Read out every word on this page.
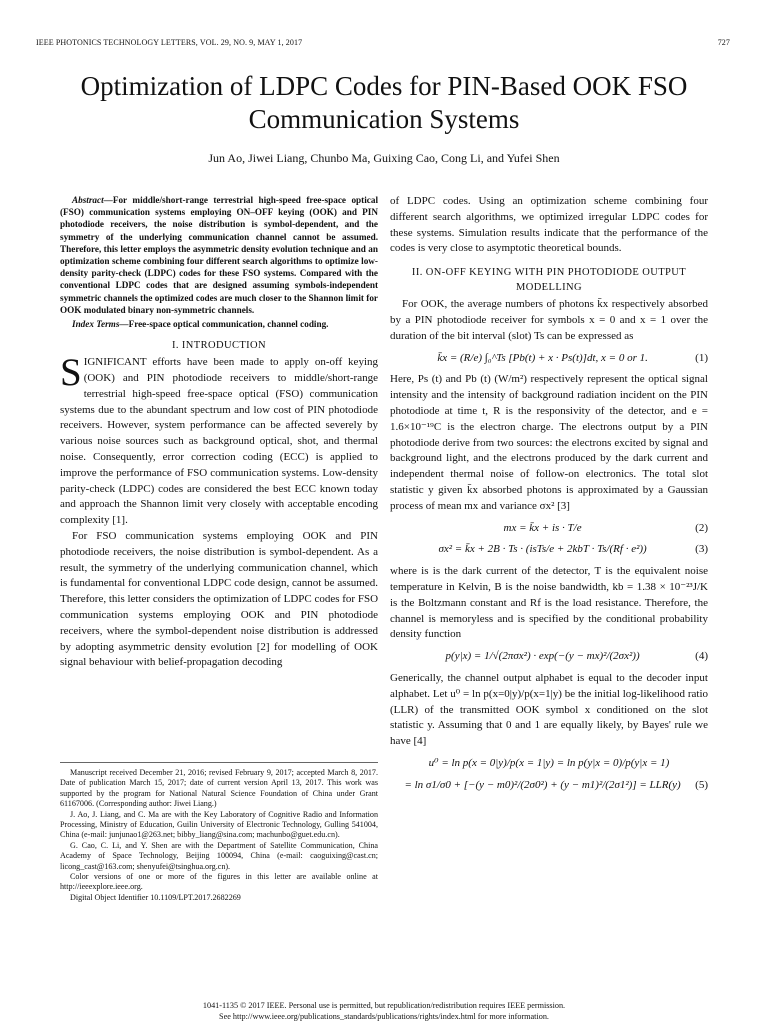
IEEE PHOTONICS TECHNOLOGY LETTERS, VOL. 29, NO. 9, MAY 1, 2017	727
Optimization of LDPC Codes for PIN-Based OOK FSO Communication Systems
Jun Ao, Jiwei Liang, Chunbo Ma, Guixing Cao, Cong Li, and Yufei Shen
Abstract—For middle/short-range terrestrial high-speed free-space optical (FSO) communication systems employing ON–OFF keying (OOK) and PIN photodiode receivers, the noise distribution is symbol-dependent, and the symmetry of the underlying communication channel cannot be assumed. Therefore, this letter employs the asymmetric density evolution technique and an optimization scheme combining four different search algorithms to optimize low-density parity-check (LDPC) codes for these FSO systems. Compared with the conventional LDPC codes that are designed assuming symbols-independent symmetric channels the optimized codes are much closer to the Shannon limit for OOK modulated binary non-symmetric channels.
Index Terms—Free-space optical communication, channel coding.
I. INTRODUCTION

SIGNIFICANT efforts have been made to apply on-off keying (OOK) and PIN photodiode receivers to middle/short-range terrestrial high-speed free-space optical (FSO) communication systems due to the abundant spectrum and low cost of PIN photodiode receivers. However, system performance can be affected severely by various noise sources such as background optical, shot, and thermal noise. Consequently, error correction coding (ECC) is applied to improve the performance of FSO communication systems. Low-density parity-check (LDPC) codes are considered the best ECC known today and approach the Shannon limit very closely with acceptable encoding complexity [1].

For FSO communication systems employing OOK and PIN photodiode receivers, the noise distribution is symbol-dependent. As a result, the symmetry of the underlying communication channel, which is fundamental for conventional LDPC code design, cannot be assumed. Therefore, this letter considers the optimization of LDPC codes for FSO communication systems employing OOK and PIN photodiode receivers, where the symbol-dependent noise distribution is addressed by adopting asymmetric density evolution [2] for modelling of OOK signal behaviour with belief-propagation decoding

Manuscript received December 21, 2016; revised February 9, 2017; accepted March 8, 2017. Date of publication March 15, 2017; date of current version April 13, 2017. This work was supported by the program for National Natural Science Foundation of China under Grant 61167006. (Corresponding author: Jiwei Liang.)

J. Ao, J. Liang, and C. Ma are with the Key Laboratory of Cognitive Radio and Information Processing, Ministry of Education, Guilin University of Electronic Technology, Gulling 541004, China (e-mail: junjunao1@263.net; bibby_liang@sina.com; machunbo@guet.edu.cn).

G. Cao, C. Li, and Y. Shen are with the Department of Satellite Communication, China Academy of Space Technology, Beijing 100094, China (e-mail: caoguixing@cast.cn; licong_cast@163.com; shenyufei@tsinghua.org.cn).

Color versions of one or more of the figures in this letter are available online at http://ieeexplore.ieee.org.

Digital Object Identifier 10.1109/LPT.2017.2682269

of LDPC codes. Using an optimization scheme combining four different search algorithms, we optimized irregular LDPC codes for these systems. Simulation results indicate that the performance of the codes is very close to asymptotic theoretical bounds.

II. ON-OFF KEYING WITH PIN PHOTODIODE OUTPUT MODELLING

For OOK, the average numbers of photons k̄x respectively absorbed by a PIN photodiode receiver for symbols x = 0 and x = 1 over the duration of the bit interval (slot) Ts can be expressed as

k̄x = (R/e) ∫₀^Ts [Pb(t) + x · Ps(t)]dt, x = 0 or 1.	(1)

Here, Ps (t) and Pb (t) (W/m²) respectively represent the optical signal intensity and the intensity of background radiation incident on the PIN photodiode at time t, R is the responsivity of the detector, and e = 1.6×10⁻¹⁹C is the electron charge. The electrons output by a PIN photodiode derive from two sources: the electrons excited by signal and background light, and the electrons produced by the dark current and independent thermal noise of follow-on electronics. The total slot statistic y given k̄x absorbed photons is approximated by a Gaussian process of mean mx and variance σx² [3]

mx = k̄x + is · T/e	(2)
σx² = k̄x + 2B · Ts · (isTs/e + 2kbT · Ts/(Rf · e²))	(3)

where is is the dark current of the detector, T is the equivalent noise temperature in Kelvin, B is the noise bandwidth, kb = 1.38 × 10⁻²³J/K is the Boltzmann constant and Rf is the load resistance. Therefore, the channel is memoryless and is specified by the conditional probability density function

p(y|x) = 1/√(2πσx²) · exp(−(y − mx)²/(2σx²))	(4)

Generically, the channel output alphabet is equal to the decoder input alphabet. Let u⁰ = ln p(x=0|y)/p(x=1|y) be the initial log-likelihood ratio (LLR) of the transmitted OOK symbol x conditioned on the slot statistic y. Assuming that 0 and 1 are equally likely, by Bayes' rule we have [4]

u⁰ = ln p(x = 0|y)/p(x = 1|y) = ln p(y|x = 0)/p(y|x = 1)
= ln σ1/σ0 + [−(y − m0)²/(2σ0²) + (y − m1)²/(2σ1²)] = LLR(y)	(5)
1041-1135 © 2017 IEEE. Personal use is permitted, but republication/redistribution requires IEEE permission.
See http://www.ieee.org/publications_standards/publications/rights/index.html for more information.
